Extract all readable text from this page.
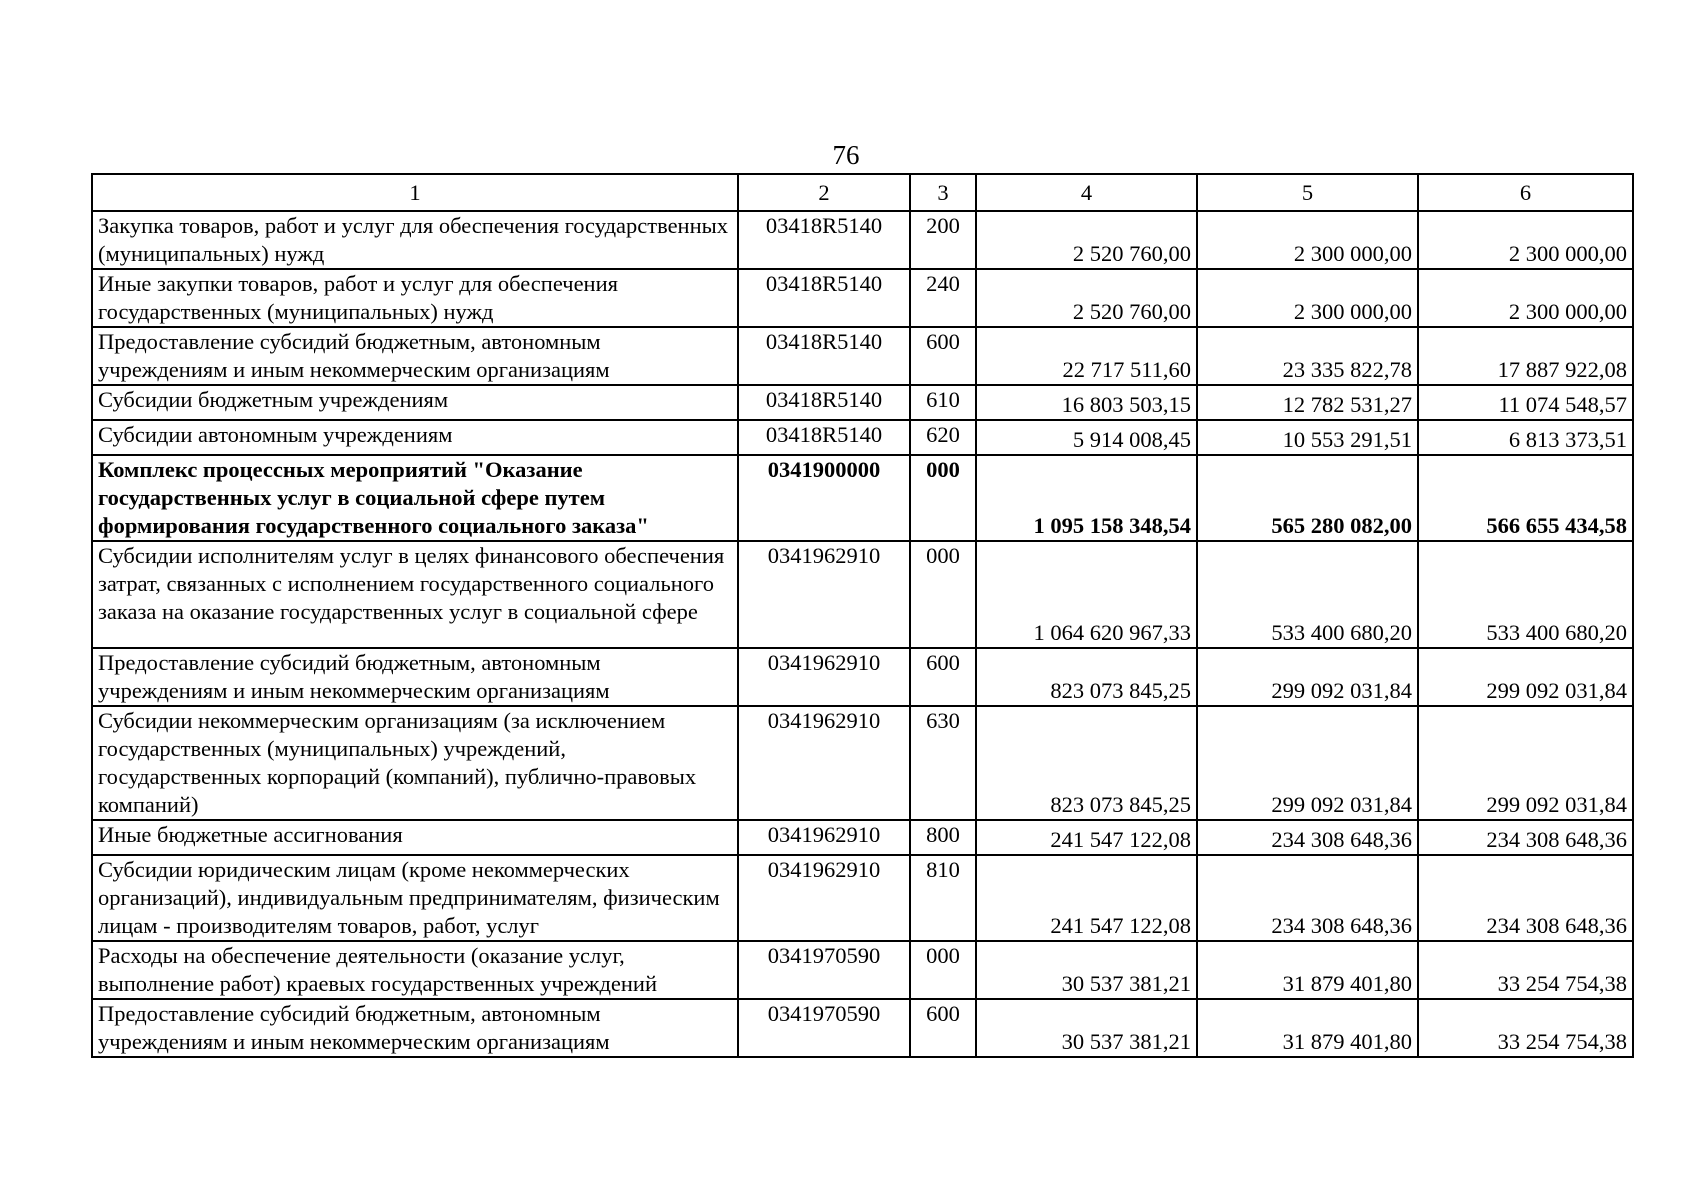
76
1	2	3	4	5	6
Закупка товаров, работ и услуг для обеспечения государственных (муниципальных) нужд	03418R5140	200	2 520 760,00	2 300 000,00	2 300 000,00
Иные закупки товаров, работ и услуг для обеспечения государственных (муниципальных) нужд	03418R5140	240	2 520 760,00	2 300 000,00	2 300 000,00
Предоставление субсидий бюджетным, автономным учреждениям и иным некоммерческим организациям	03418R5140	600	22 717 511,60	23 335 822,78	17 887 922,08
Субсидии бюджетным учреждениям	03418R5140	610	16 803 503,15	12 782 531,27	11 074 548,57
Субсидии автономным учреждениям	03418R5140	620	5 914 008,45	10 553 291,51	6 813 373,51
Комплекс процессных мероприятий "Оказание государственных услуг в социальной сфере путем формирования государственного социального заказа"	0341900000	000	1 095 158 348,54	565 280 082,00	566 655 434,58
Субсидии исполнителям услуг в целях финансового обеспечения затрат, связанных с исполнением государственного социального заказа на оказание государственных услуг в социальной сфере	0341962910	000	1 064 620 967,33	533 400 680,20	533 400 680,20
Предоставление субсидий бюджетным, автономным учреждениям и иным некоммерческим организациям	0341962910	600	823 073 845,25	299 092 031,84	299 092 031,84
Субсидии некоммерческим организациям (за исключением государственных (муниципальных) учреждений, государственных корпораций (компаний), публично-правовых компаний)	0341962910	630	823 073 845,25	299 092 031,84	299 092 031,84
Иные бюджетные ассигнования	0341962910	800	241 547 122,08	234 308 648,36	234 308 648,36
Субсидии юридическим лицам (кроме некоммерческих организаций), индивидуальным предпринимателям, физическим лицам - производителям товаров, работ, услуг	0341962910	810	241 547 122,08	234 308 648,36	234 308 648,36
Расходы на обеспечение деятельности (оказание услуг, выполнение работ) краевых государственных учреждений	0341970590	000	30 537 381,21	31 879 401,80	33 254 754,38
Предоставление субсидий бюджетным, автономным учреждениям и иным некоммерческим организациям	0341970590	600	30 537 381,21	31 879 401,80	33 254 754,38
